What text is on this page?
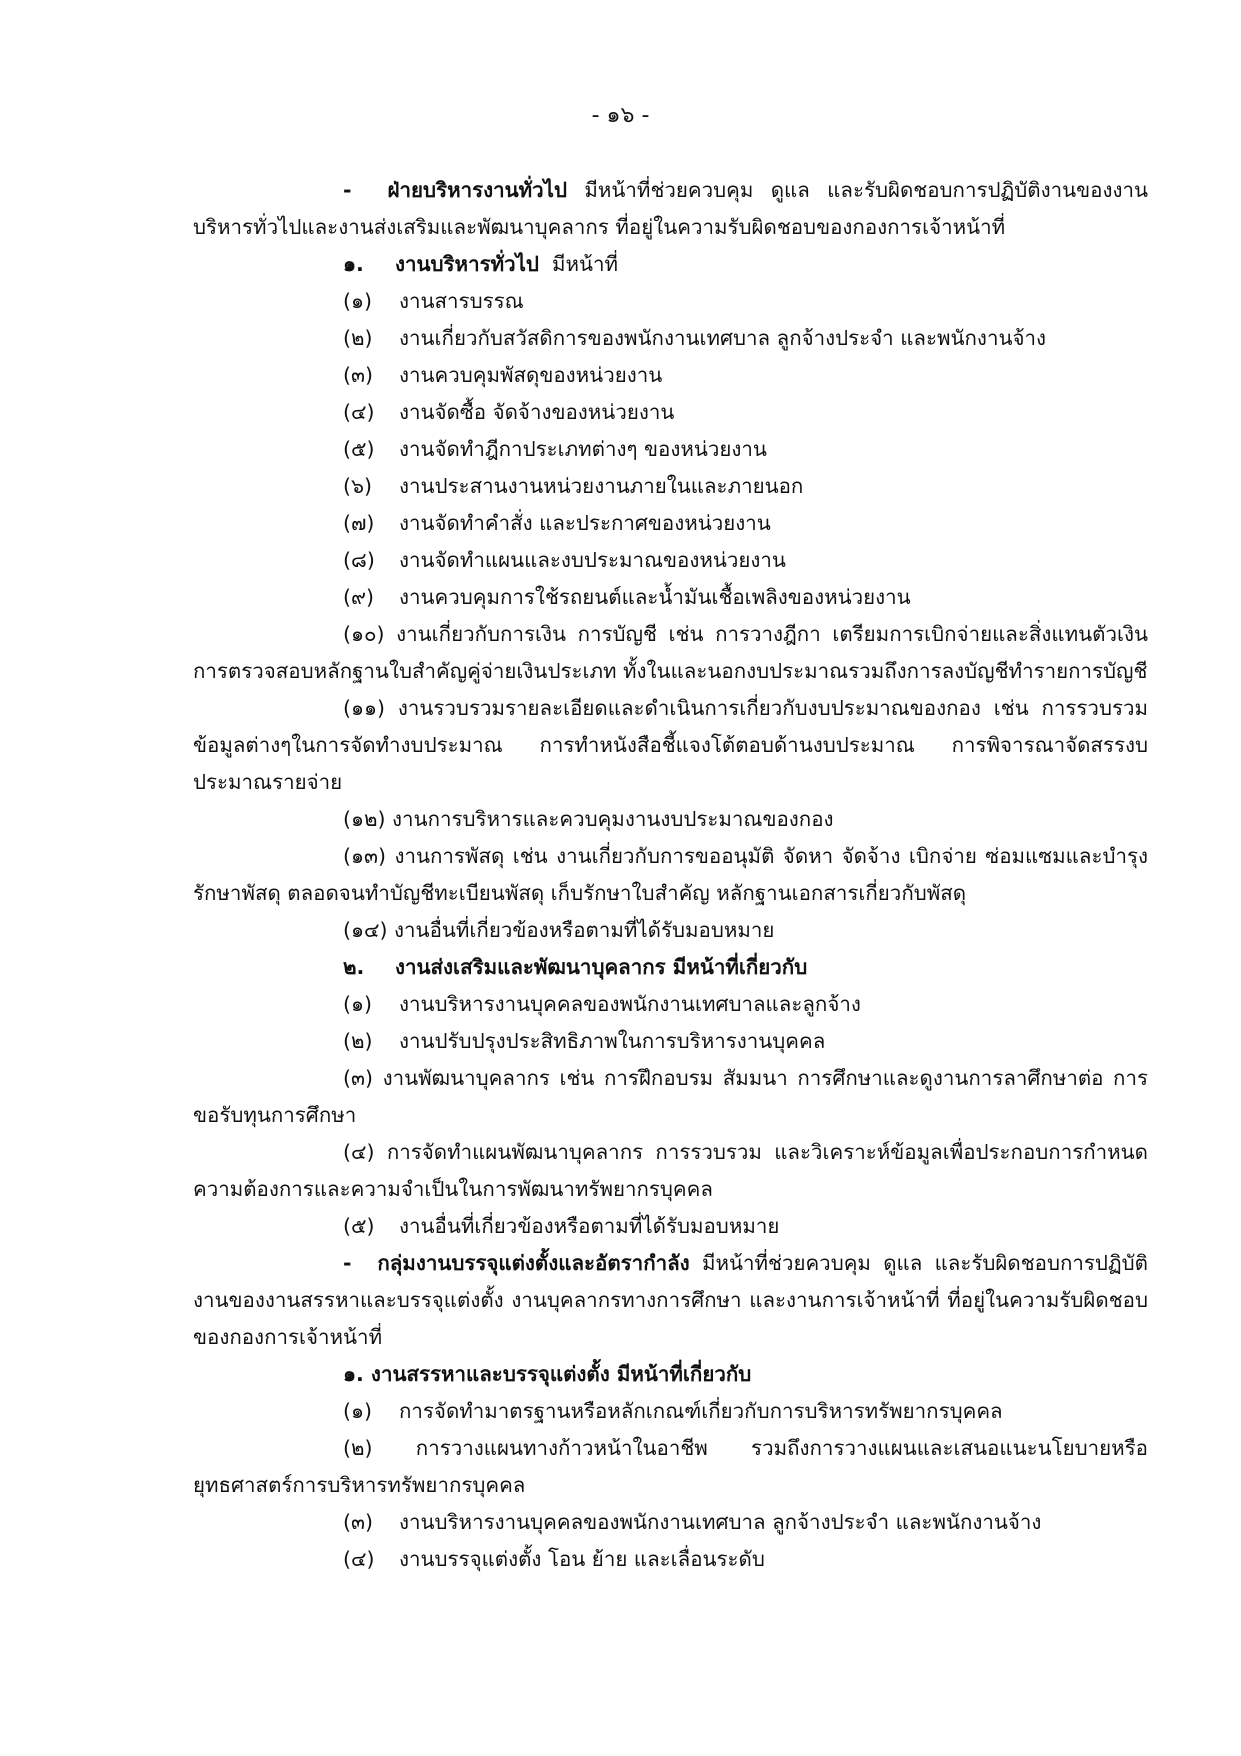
- ๑๖ -

- ฝ่ายบริหารงานทั่วไป มีหน้าที่ช่วยควบคุม ดูแล และรับผิดชอบการปฏิบัติงานของงานบริหารทั่วไปและงานส่งเสริมและพัฒนาบุคลากร ที่อยู่ในความรับผิดชอบของกองการเจ้าหน้าที่

๑. งานบริหารทั่วไป มีหน้าที่

(๑) งานสารบรรณ

(๒) งานเกี่ยวกับสวัสดิการของพนักงานเทศบาล ลูกจ้างประจำ และพนักงานจ้าง

(๓) งานควบคุมพัสดุของหน่วยงาน

(๔) งานจัดซื้อ จัดจ้างของหน่วยงาน

(๕) งานจัดทำฎีกาประเภทต่างๆ ของหน่วยงาน

(๖) งานประสานงานหน่วยงานภายในและภายนอก

(๗) งานจัดทำคำสั่ง และประกาศของหน่วยงาน

(๘) งานจัดทำแผนและงบประมาณของหน่วยงาน

(๙) งานควบคุมการใช้รถยนต์และน้ำมันเชื้อเพลิงของหน่วยงาน

(๑๐) งานเกี่ยวกับการเงิน การบัญชี เช่น การวางฎีกา เตรียมการเบิกจ่ายและสิ่งแทนตัวเงิน การตรวจสอบหลักฐานใบสำคัญคู่จ่ายเงินประเภท ทั้งในและนอกงบประมาณรวมถึงการลงบัญชีทำรายการบัญชี

(๑๑) งานรวบรวมรายละเอียดและดำเนินการเกี่ยวกับงบประมาณของกอง เช่น การรวบรวม ข้อมูลต่างๆในการจัดทำงบประมาณ การทำหนังสือชี้แจงโต้ตอบด้านงบประมาณ การพิจารณาจัดสรรงบประมาณรายจ่าย

(๑๒) งานการบริหารและควบคุมงานงบประมาณของกอง

(๑๓) งานการพัสดุ เช่น งานเกี่ยวกับการขออนุมัติ จัดหา จัดจ้าง เบิกจ่าย ซ่อมแซมและบำรุงรักษาพัสดุ ตลอดจนทำบัญชีทะเบียนพัสดุ เก็บรักษาใบสำคัญ หลักฐานเอกสารเกี่ยวกับพัสดุ

(๑๔) งานอื่นที่เกี่ยวข้องหรือตามที่ได้รับมอบหมาย

๒. งานส่งเสริมและพัฒนาบุคลากร มีหน้าที่เกี่ยวกับ

(๑) งานบริหารงานบุคคลของพนักงานเทศบาลและลูกจ้าง

(๒) งานปรับปรุงประสิทธิภาพในการบริหารงานบุคคล

(๓) งานพัฒนาบุคลากร เช่น การฝึกอบรม สัมมนา การศึกษาและดูงานการลาศึกษาต่อ การขอรับทุนการศึกษา

(๔) การจัดทำแผนพัฒนาบุคลากร การรวบรวม และวิเคราะห์ข้อมูลเพื่อประกอบการกำหนดความต้องการและความจำเป็นในการพัฒนาทรัพยากรบุคคล

(๕) งานอื่นที่เกี่ยวข้องหรือตามที่ได้รับมอบหมาย

- กลุ่มงานบรรจุแต่งตั้งและอัตรากำลัง มีหน้าที่ช่วยควบคุม ดูแล และรับผิดชอบการปฏิบัติงานของงานสรรหาและบรรจุแต่งตั้ง งานบุคลากรทางการศึกษา และงานการเจ้าหน้าที่ ที่อยู่ในความรับผิดชอบของกองการเจ้าหน้าที่

๑. งานสรรหาและบรรจุแต่งตั้ง มีหน้าที่เกี่ยวกับ

(๑) การจัดทำมาตรฐานหรือหลักเกณฑ์เกี่ยวกับการบริหารทรัพยากรบุคคล

(๒) การวางแผนทางก้าวหน้าในอาชีพ รวมถึงการวางแผนและเสนอแนะนโยบายหรือยุทธศาสตร์การบริหารทรัพยากรบุคคล

(๓) งานบริหารงานบุคคลของพนักงานเทศบาล ลูกจ้างประจำ และพนักงานจ้าง

(๔) งานบรรจุแต่งตั้ง โอน ย้าย และเลื่อนระดับ
